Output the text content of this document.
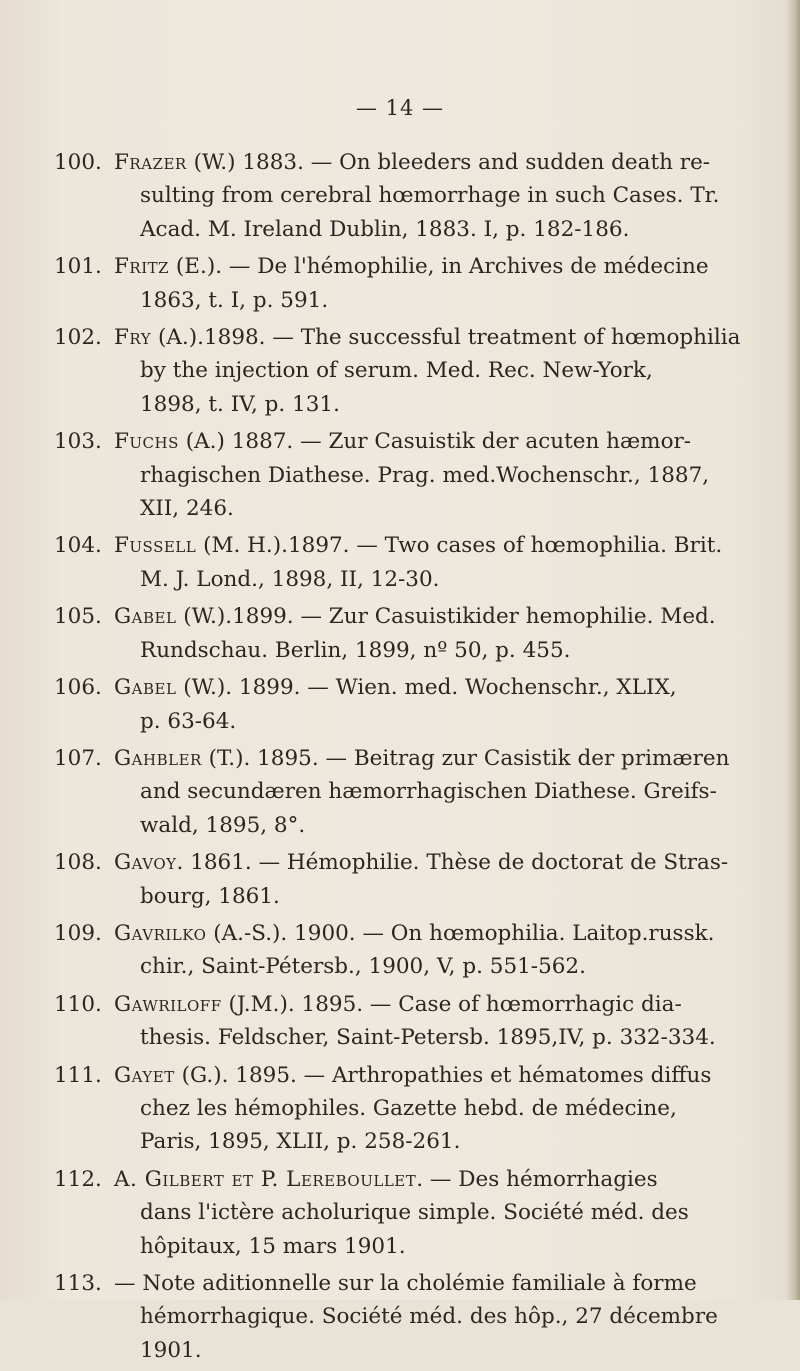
— 14 —
100. Frazer (W.) 1883. — On bleeders and sudden death re-
sulting from cerebral hœmorrhage in such Cases. Tr.
Acad. M. Ireland Dublin, 1883. I, p. 182-186.
101. Fritz (E.). — De l'hémophilie, in Archives de médecine
1863, t. I, p. 591.
102. Fry (A.).1898. — The successful treatment of hœmophilia
by the injection of serum. Med. Rec. New-York,
1898, t. IV, p. 131.
103. Fuchs (A.) 1887. — Zur Casuistik der acuten hæmor-
rhagischen Diathese. Prag. med.Wochenschr., 1887,
XII, 246.
104. Fussell (M. H.).1897. — Two cases of hœmophilia. Brit.
M. J. Lond., 1898, II, 12-30.
105. Gabel (W.).1899. — Zur Casuistikider hemophilie. Med.
Rundschau. Berlin, 1899, nº 50, p. 455.
106. Gabel (W.). 1899. — Wien. med. Wochenschr., XLIX,
p. 63-64.
107. Gahbler (T.). 1895. — Beitrag zur Casistik der primæren
and secundæren hæmorrhagischen Diathese. Greifs-
wald, 1895, 8°.
108. Gavoy. 1861. — Hémophilie. Thèse de doctorat de Stras-
bourg, 1861.
109. Gavrilko (A.-S.). 1900. — On hœmophilia. Laitop.russk.
chir., Saint-Pétersb., 1900, V, p. 551-562.
110. Gawriloff (J.M.). 1895. — Case of hœmorrhagic dia-
thesis. Feldscher, Saint-Petersb. 1895,IV, p. 332-334.
111. Gayet (G.). 1895. — Arthropathies et hématomes diffus
chez les hémophiles. Gazette hebd. de médecine,
Paris, 1895, XLII, p. 258-261.
112. A. Gilbert et P. Lereboullet. — Des hémorrhagies
dans l'ictère acholurique simple. Société méd. des
hôpitaux, 15 mars 1901.
113. — Note aditionnelle sur la cholémie familiale à forme
hémorrhagique. Société méd. des hôp., 27 décembre
1901.
